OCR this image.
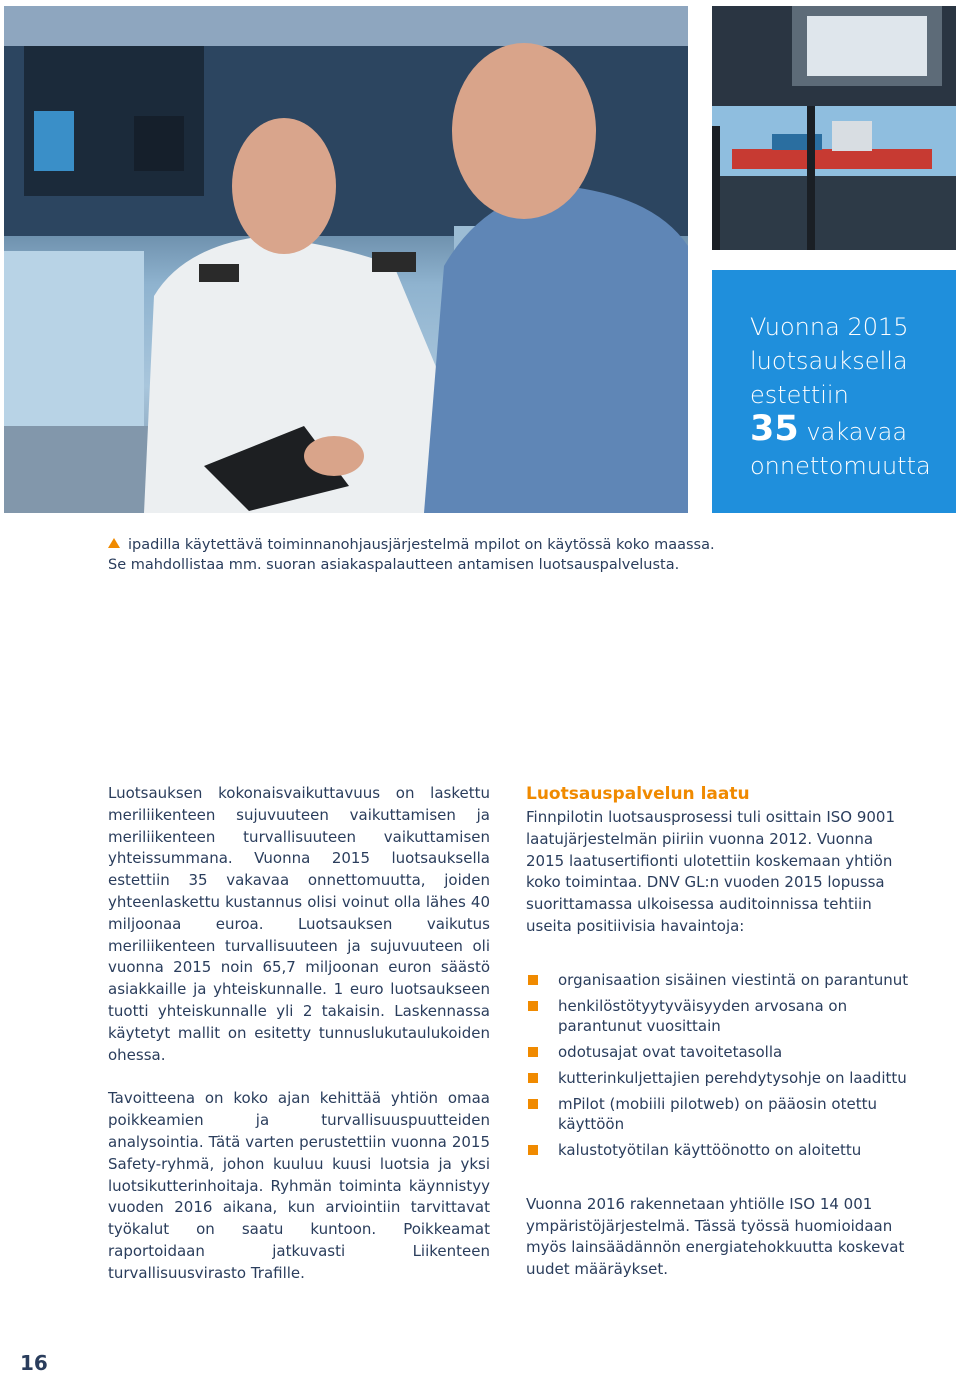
Vuonna 2015
luotsauksella
estettiin
35 vakavaa
onnettomuutta
ipadilla käytettävä toiminnanohjausjärjestelmä mpilot on käytössä koko maassa.
Se mahdollistaa mm. suoran asiakaspalautteen antamisen luotsauspalvelusta.

Luotsauksen kokonaisvaikuttavuus on laskettu meriliikenteen sujuvuuteen vaikuttamisen ja meriliikenteen turvallisuuteen vaikuttamisen yhteissummana. Vuonna 2015 luotsauksella estettiin 35 vakavaa onnettomuutta, joiden yhteenlaskettu kustannus olisi voinut olla lähes 40 miljoonaa euroa. Luotsauksen vaikutus meriliikenteen turvallisuuteen ja sujuvuuteen oli vuonna 2015 noin 65,7 miljoonan euron säästö asiakkaille ja yhteiskunnalle. 1 euro luotsaukseen tuotti yhteiskunnalle yli 2 takaisin. Laskennassa käytetyt mallit on esitetty tunnuslukutaulukoiden ohessa.

Tavoitteena on koko ajan kehittää yhtiön omaa poikkeamien ja turvallisuuspuutteiden analysointia. Tätä varten perustettiin vuonna 2015 Safety-ryhmä, johon kuuluu kuusi luotsia ja yksi luotsikutterinhoitaja. Ryhmän toiminta käynnistyy vuoden 2016 aikana, kun arviointiin tarvittavat työkalut on saatu kuntoon. Poikkeamat raportoidaan jatkuvasti Liikenteen turvallisuusvirasto Trafille.

Luotsauspalvelun laatu

Finnpilotin luotsausprosessi tuli osittain ISO 9001 laatujärjestelmän piiriin vuonna 2012. Vuonna 2015 laatusertifionti ulotettiin koskemaan yhtiön koko toimintaa. DNV GL:n vuoden 2015 lopussa suorittamassa ulkoisessa auditoinnissa tehtiin useita positiivisia havaintoja:

organisaation sisäinen viestintä on parantunut
henkilöstötyytyväisyyden arvosana on parantunut vuosittain
odotusajat ovat tavoitetasolla
kutterinkuljettajien perehdytysohje on laadittu
mPilot (mobiili pilotweb) on pääosin otettu käyttöön
kalustotyötilan käyttöönotto on aloitettu

Vuonna 2016 rakennetaan yhtiölle ISO 14 001 ympäristöjärjestelmä. Tässä työssä huomioidaan myös lainsäädännön energiatehokkuutta koskevat uudet määräykset.

16
